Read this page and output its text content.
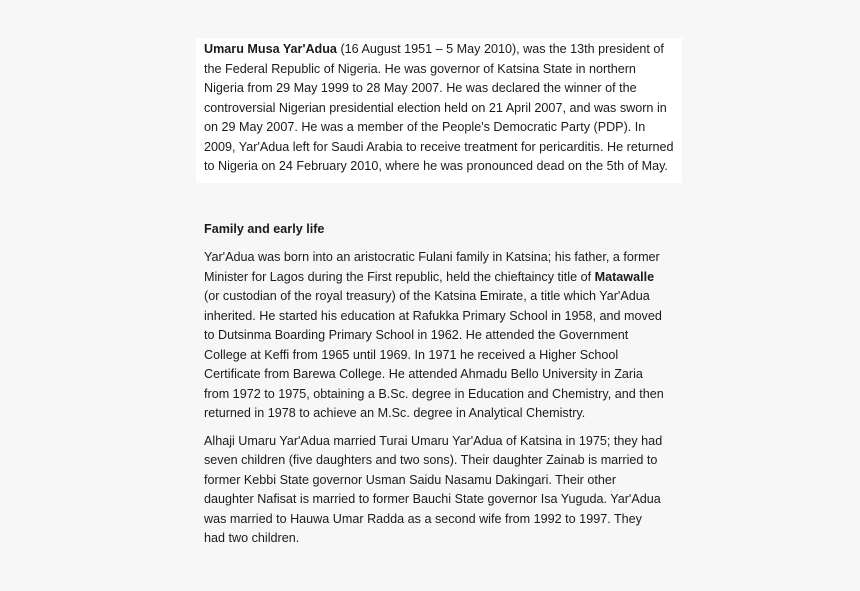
Umaru Musa Yar'Adua (16 August 1951 – 5 May 2010), was the 13th president of the Federal Republic of Nigeria. He was governor of Katsina State in northern Nigeria from 29 May 1999 to 28 May 2007. He was declared the winner of the controversial Nigerian presidential election held on 21 April 2007, and was sworn in on 29 May 2007. He was a member of the People's Democratic Party (PDP). In 2009, Yar'Adua left for Saudi Arabia to receive treatment for pericarditis. He returned to Nigeria on 24 February 2010, where he was pronounced dead on the 5th of May.

Family and early life

Yar'Adua was born into an aristocratic Fulani family in Katsina; his father, a former Minister for Lagos during the First republic, held the chieftaincy title of Matawalle (or custodian of the royal treasury) of the Katsina Emirate, a title which Yar'Adua inherited. He started his education at Rafukka Primary School in 1958, and moved to Dutsinma Boarding Primary School in 1962. He attended the Government College at Keffi from 1965 until 1969. In 1971 he received a Higher School Certificate from Barewa College. He attended Ahmadu Bello University in Zaria from 1972 to 1975, obtaining a B.Sc. degree in Education and Chemistry, and then returned in 1978 to achieve an M.Sc. degree in Analytical Chemistry.

Alhaji Umaru Yar'Adua married Turai Umaru Yar'Adua of Katsina in 1975; they had seven children (five daughters and two sons). Their daughter Zainab is married to former Kebbi State governor Usman Saidu Nasamu Dakingari. Their other daughter Nafisat is married to former Bauchi State governor Isa Yuguda. Yar'Adua was married to Hauwa Umar Radda as a second wife from 1992 to 1997. They had two children.
